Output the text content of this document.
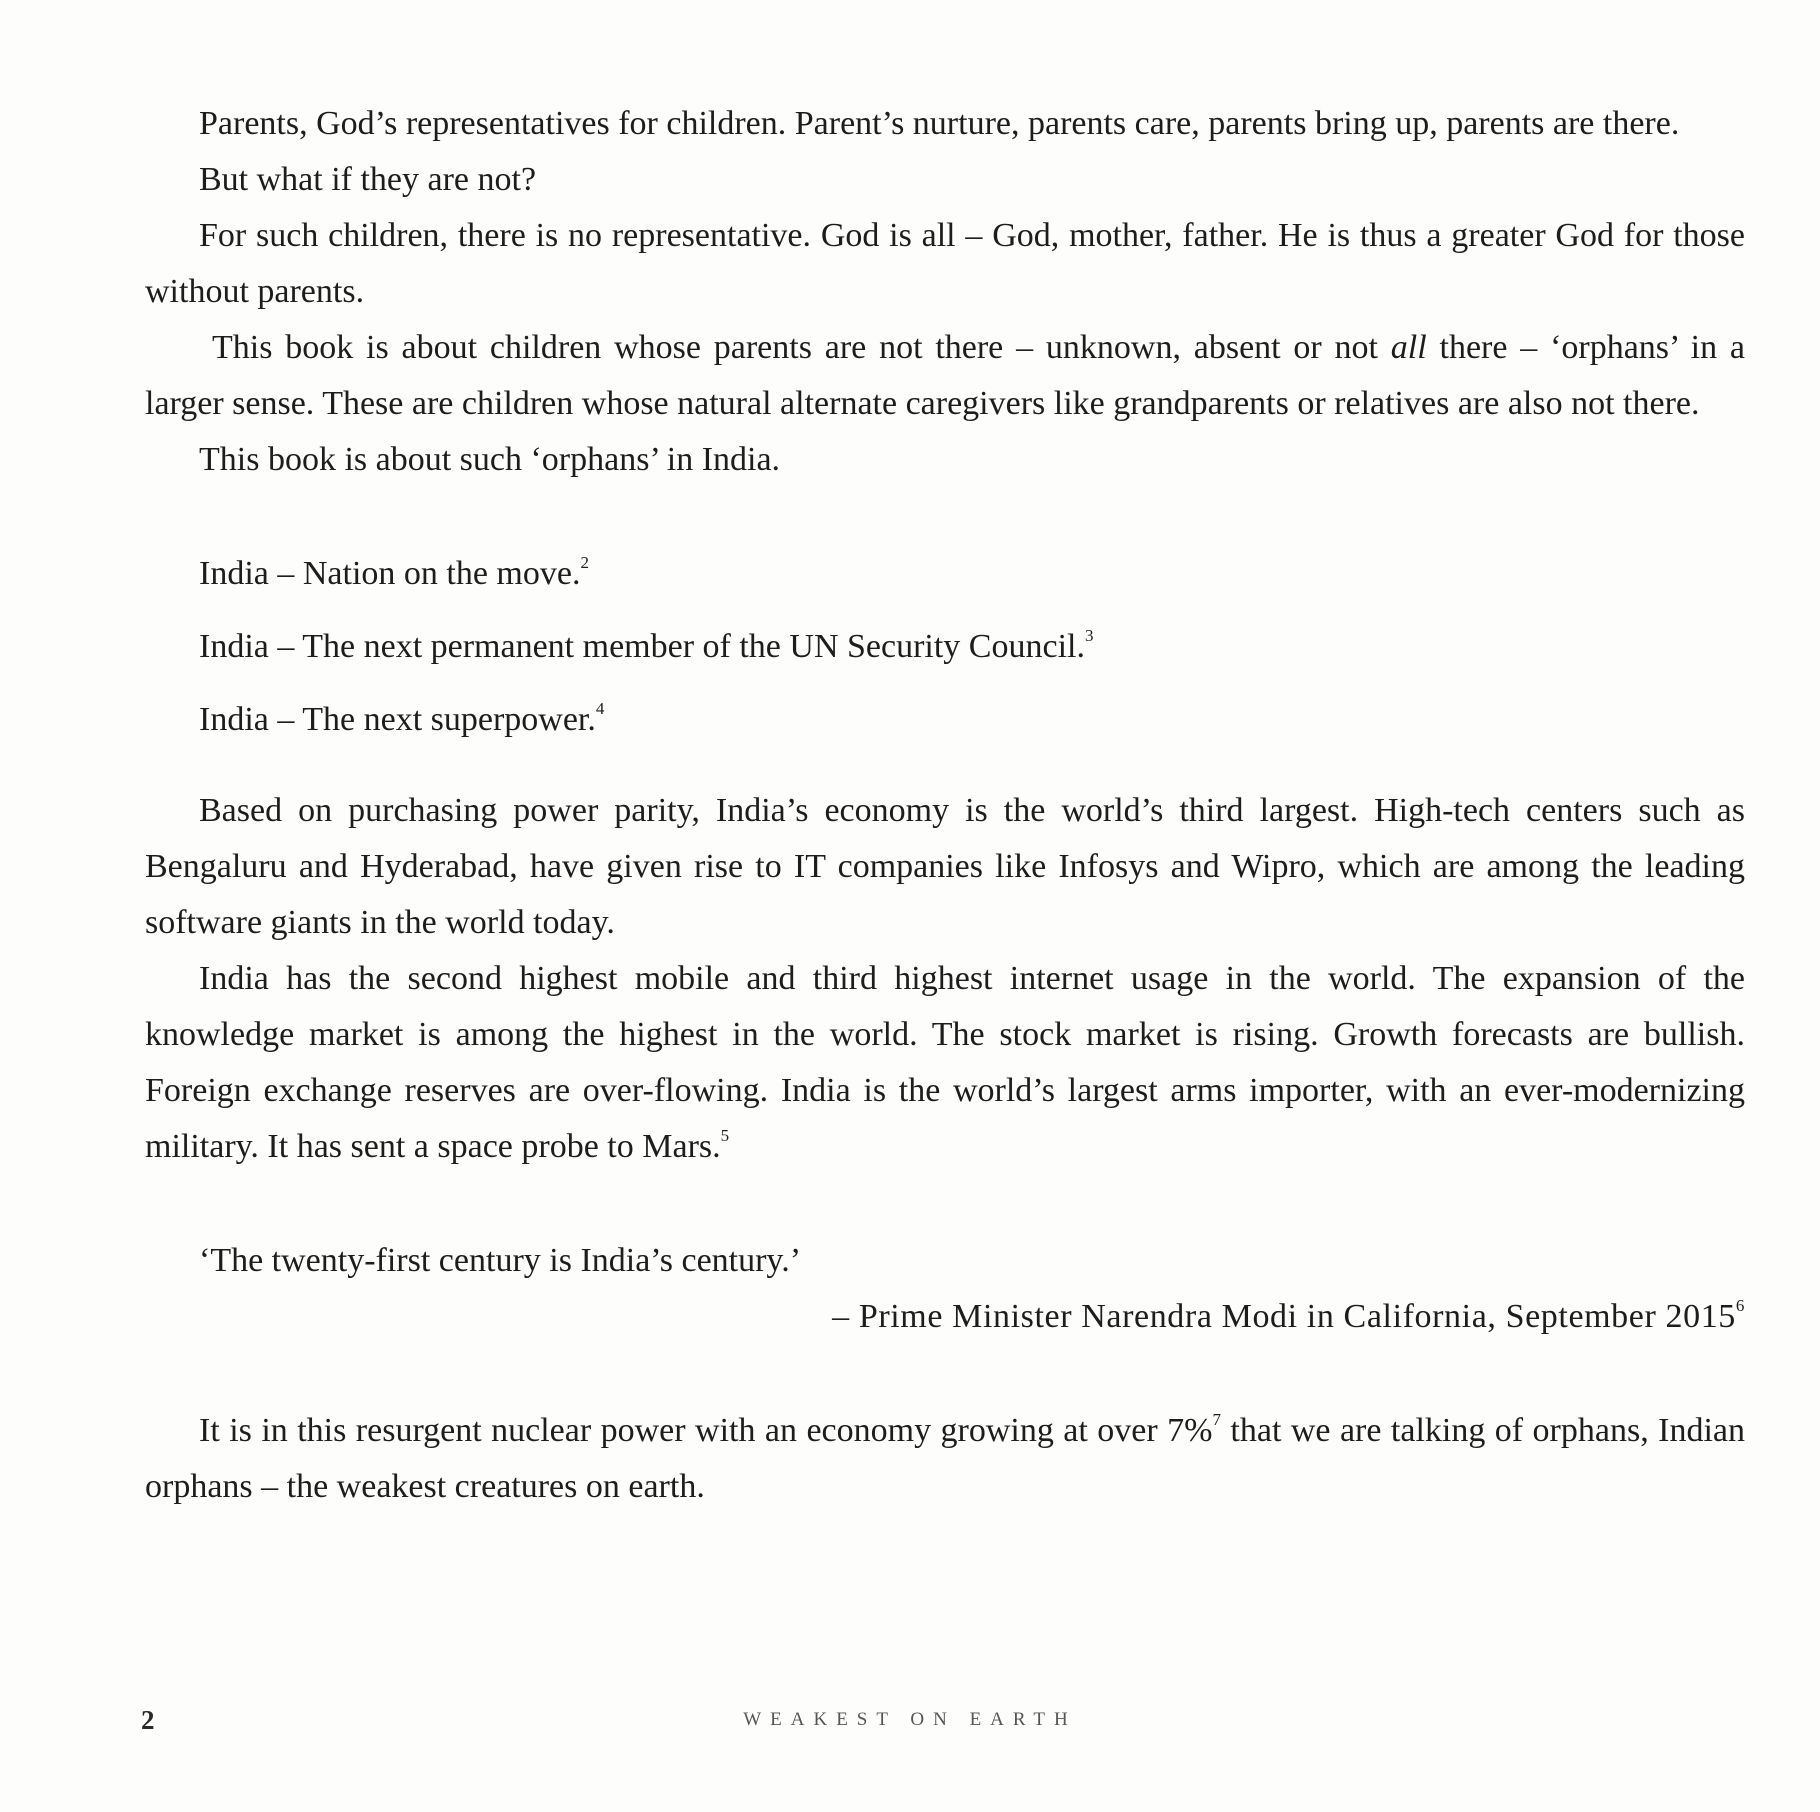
Parents, God’s representatives for children. Parent’s nurture, parents care, parents bring up, parents are there.

But what if they are not?

For such children, there is no representative. God is all – God, mother, father. He is thus a greater God for those without parents.

This book is about children whose parents are not there – unknown, absent or not all there – ‘orphans’ in a larger sense. These are children whose natural alternate caregivers like grandparents or relatives are also not there.

This book is about such ‘orphans’ in India.

India – Nation on the move.$^2$

India – The next permanent member of the UN Security Council.$^3$

India – The next superpower.$^4$

Based on purchasing power parity, India’s economy is the world’s third largest. High-tech centers such as Bengaluru and Hyderabad, have given rise to IT companies like Infosys and Wipro, which are among the leading software giants in the world today.

India has the second highest mobile and third highest internet usage in the world. The expansion of the knowledge market is among the highest in the world. The stock market is rising. Growth forecasts are bullish. Foreign exchange reserves are over-flowing. India is the world’s largest arms importer, with an ever-modernizing military. It has sent a space probe to Mars.$^5$

‘The twenty-first century is India’s century.’

– Prime Minister Narendra Modi in California, September 2015$^6$

It is in this resurgent nuclear power with an economy growing at over 7%$^7$ that we are talking of orphans, Indian orphans – the weakest creatures on earth.

2	WEAKEST ON EARTH
